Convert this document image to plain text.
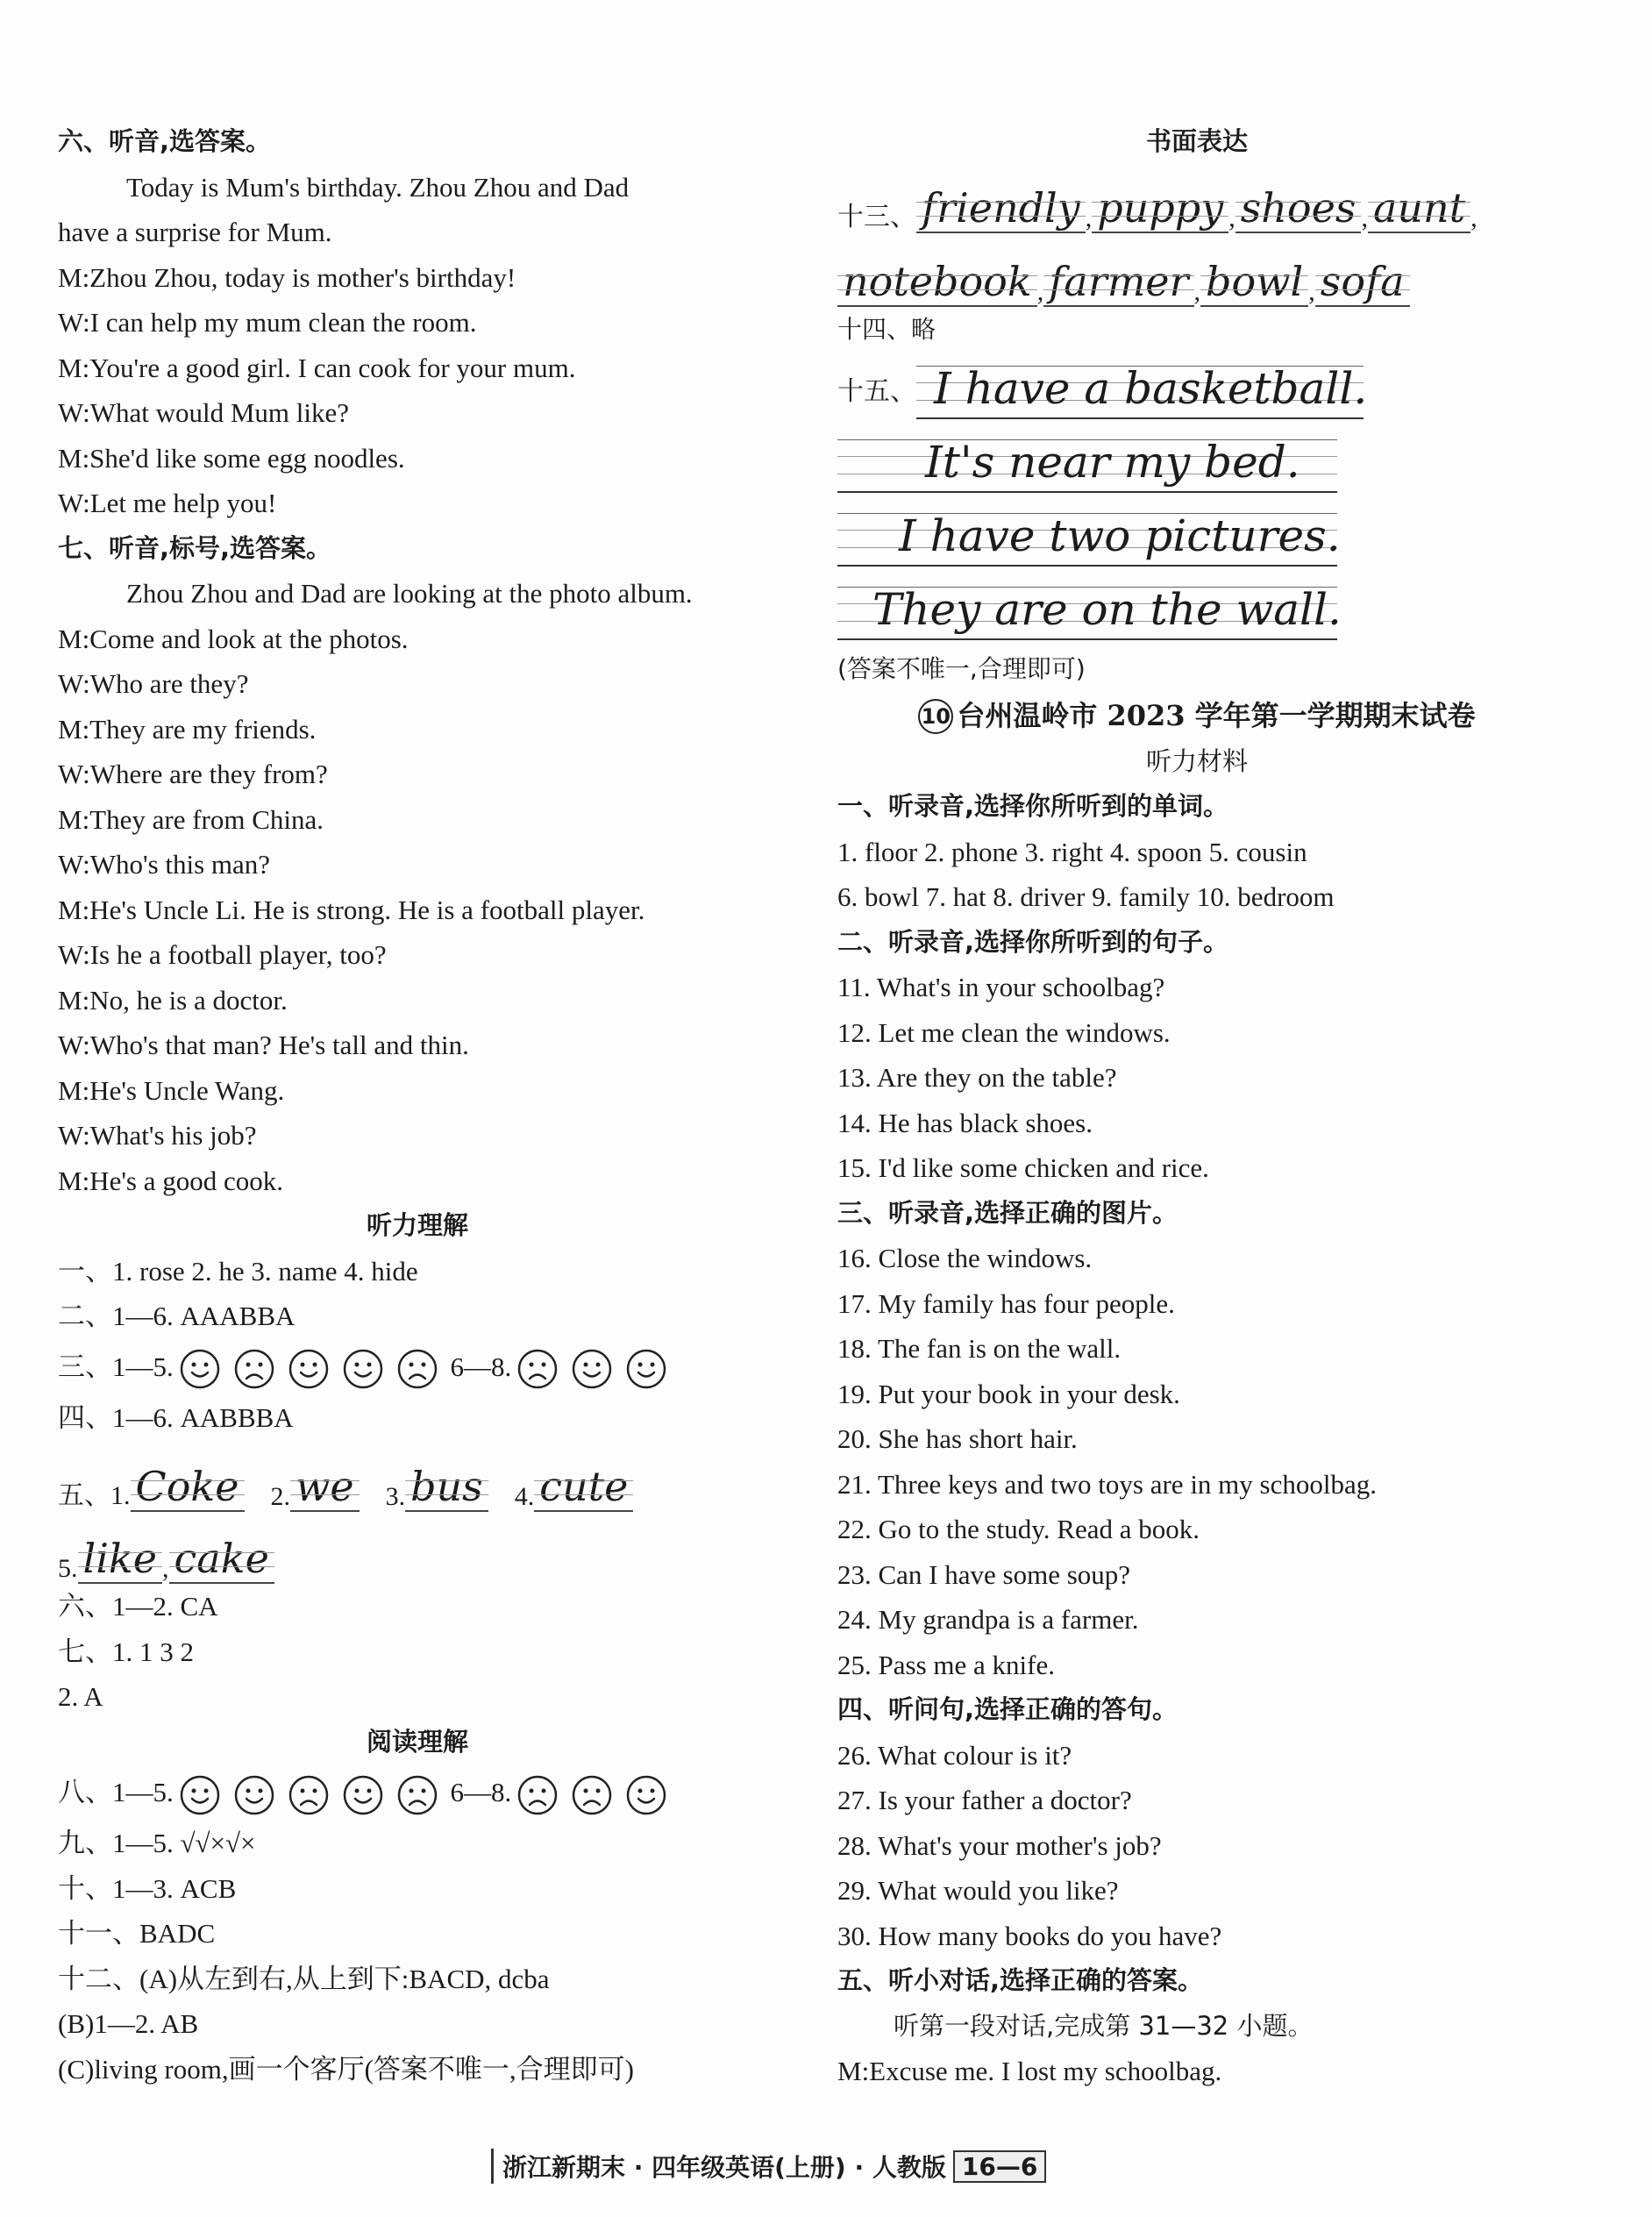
六、听音,选答案。
Today is Mum's birthday. Zhou Zhou and Dad
have a surprise for Mum.
M:Zhou Zhou, today is mother's birthday!
W:I can help my mum clean the room.
M:You're a good girl. I can cook for your mum.
W:What would Mum like?
M:She'd like some egg noodles.
W:Let me help you!
七、听音,标号,选答案。
Zhou Zhou and Dad are looking at the photo album.
M:Come and look at the photos.
W:Who are they?
M:They are my friends.
W:Where are they from?
M:They are from China.
W:Who's this man?
M:He's Uncle Li. He is strong. He is a football player.
W:Is he a football player, too?
M:No, he is a doctor.
W:Who's that man? He's tall and thin.
M:He's Uncle Wang.
W:What's his job?
M:He's a good cook.
听力理解
一、1. rose 2. he 3. name 4. hide
二、1—6. AAABBA
三、1—5.	6—8.
四、1—6. AABBBA
五、1. Coke 2. we 3. bus 4. cute
5. like , cake
六、1—2. CA
七、1. 1 3 2
2. A
阅读理解
八、1—5.	6—8.
九、1—5. √√×√×
十、1—3. ACB
十一、BADC
十二、(A)从左到右,从上到下:BACD, dcba
(B)1—2. AB
(C)living room,画一个客厅(答案不唯一,合理即可)
书面表达
十三、 friendly , puppy , shoes , aunt ,
notebook , farmer , bowl , sofa
十四、略
十五、 I have a basketball.
It's near my bed.
I have two pictures.
They are on the wall.
(答案不唯一,合理即可)
10 台州温岭市 2023 学年第一学期期末试卷
听力材料
一、听录音,选择你所听到的单词。
1. floor 2. phone 3. right 4. spoon 5. cousin
6. bowl 7. hat 8. driver 9. family 10. bedroom
二、听录音,选择你所听到的句子。
11. What's in your schoolbag?
12. Let me clean the windows.
13. Are they on the table?
14. He has black shoes.
15. I'd like some chicken and rice.
三、听录音,选择正确的图片。
16. Close the windows.
17. My family has four people.
18. The fan is on the wall.
19. Put your book in your desk.
20. She has short hair.
21. Three keys and two toys are in my schoolbag.
22. Go to the study. Read a book.
23. Can I have some soup?
24. My grandpa is a farmer.
25. Pass me a knife.
四、听问句,选择正确的答句。
26. What colour is it?
27. Is your father a doctor?
28. What's your mother's job?
29. What would you like?
30. How many books do you have?
五、听小对话,选择正确的答案。
听第一段对话,完成第 31—32 小题。
M:Excuse me. I lost my schoolbag.
浙江新期末 · 四年级英语(上册) · 人教版 16—6
